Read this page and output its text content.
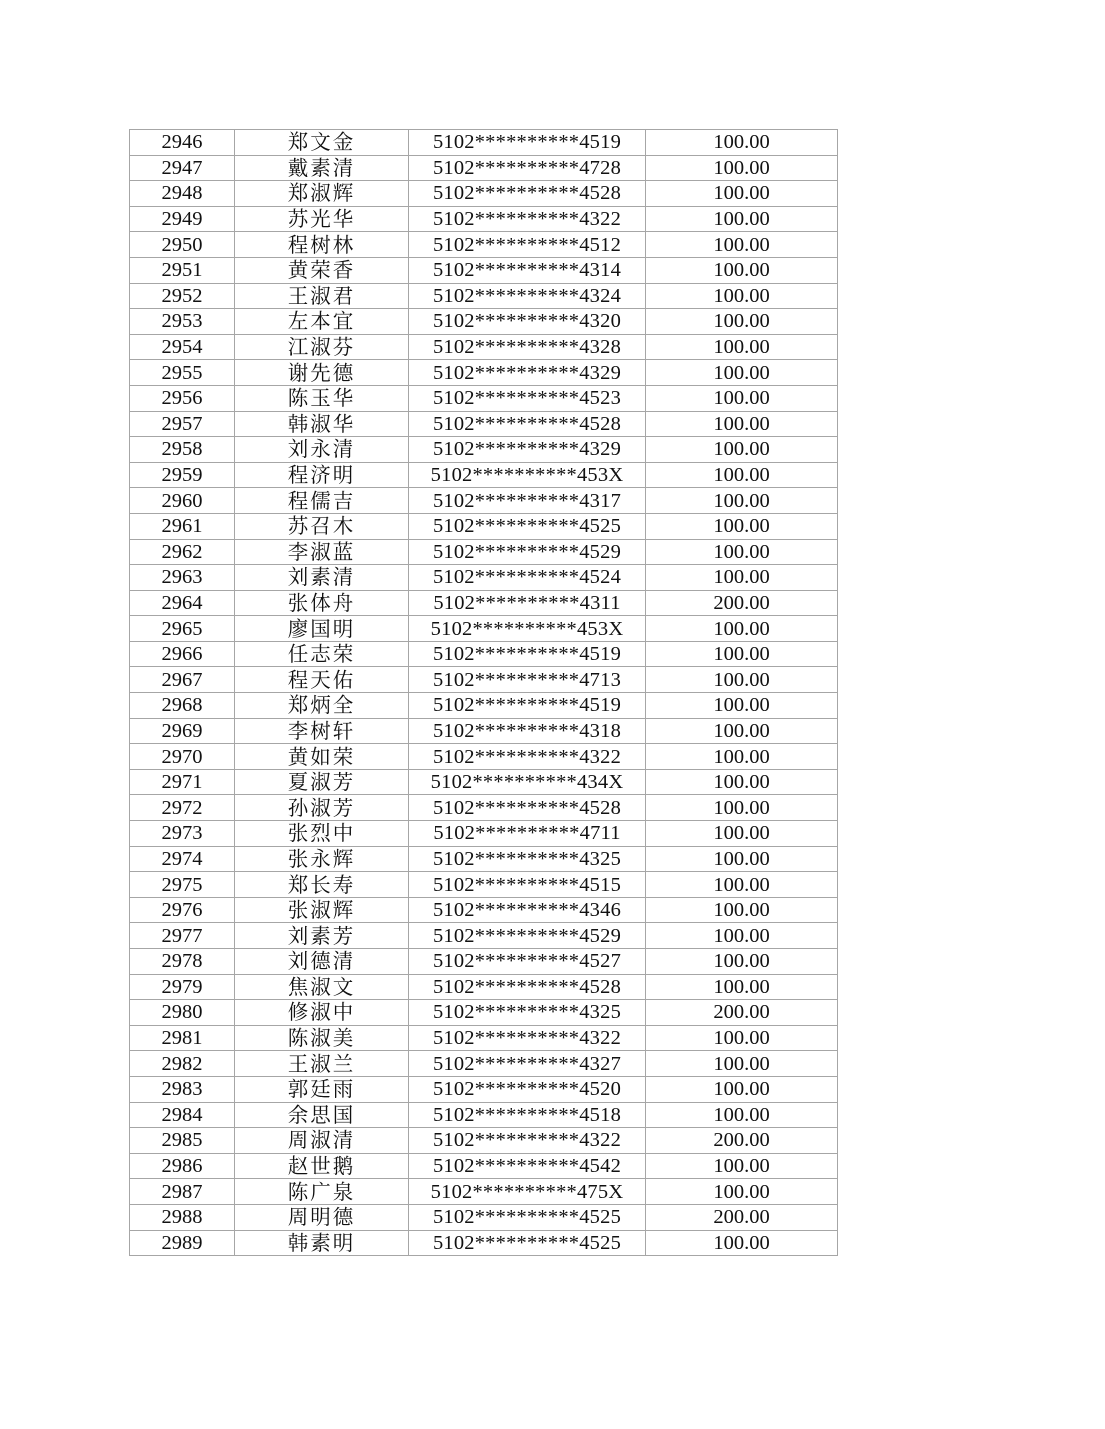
2946	郑文金	5102**********4519	100.00
2947	戴素清	5102**********4728	100.00
2948	郑淑辉	5102**********4528	100.00
2949	苏光华	5102**********4322	100.00
2950	程树林	5102**********4512	100.00
2951	黄荣香	5102**********4314	100.00
2952	王淑君	5102**********4324	100.00
2953	左本宜	5102**********4320	100.00
2954	江淑芬	5102**********4328	100.00
2955	谢先德	5102**********4329	100.00
2956	陈玉华	5102**********4523	100.00
2957	韩淑华	5102**********4528	100.00
2958	刘永清	5102**********4329	100.00
2959	程济明	5102**********453X	100.00
2960	程儒吉	5102**********4317	100.00
2961	苏召木	5102**********4525	100.00
2962	李淑蓝	5102**********4529	100.00
2963	刘素清	5102**********4524	100.00
2964	张体舟	5102**********4311	200.00
2965	廖国明	5102**********453X	100.00
2966	任志荣	5102**********4519	100.00
2967	程天佑	5102**********4713	100.00
2968	郑炳全	5102**********4519	100.00
2969	李树轩	5102**********4318	100.00
2970	黄如荣	5102**********4322	100.00
2971	夏淑芳	5102**********434X	100.00
2972	孙淑芳	5102**********4528	100.00
2973	张烈中	5102**********4711	100.00
2974	张永辉	5102**********4325	100.00
2975	郑长寿	5102**********4515	100.00
2976	张淑辉	5102**********4346	100.00
2977	刘素芳	5102**********4529	100.00
2978	刘德清	5102**********4527	100.00
2979	焦淑文	5102**********4528	100.00
2980	修淑中	5102**********4325	200.00
2981	陈淑美	5102**********4322	100.00
2982	王淑兰	5102**********4327	100.00
2983	郭廷雨	5102**********4520	100.00
2984	余思国	5102**********4518	100.00
2985	周淑清	5102**********4322	200.00
2986	赵世鹅	5102**********4542	100.00
2987	陈广泉	5102**********475X	100.00
2988	周明德	5102**********4525	200.00
2989	韩素明	5102**********4525	100.00
